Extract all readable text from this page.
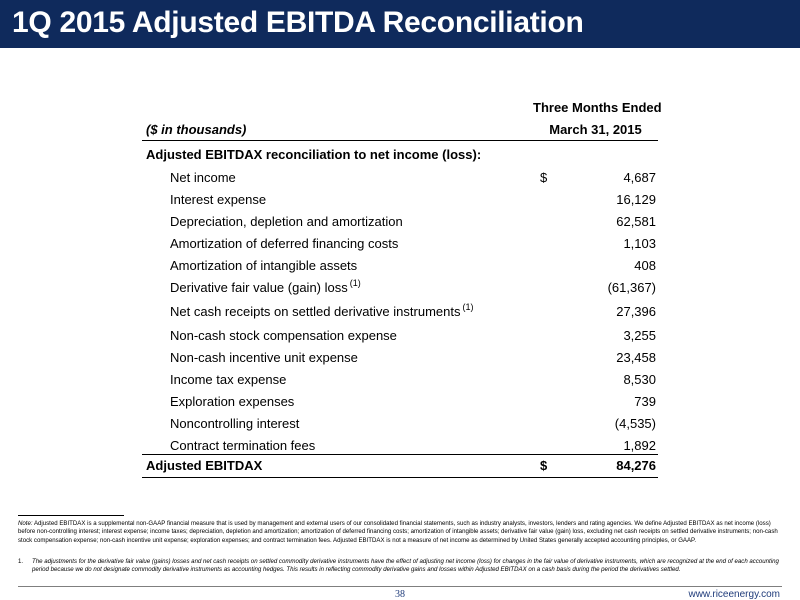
1Q 2015 Adjusted EBITDA Reconciliation
Three Months Ended
($ in thousands)	March 31, 2015
Adjusted EBITDAX reconciliation to net income (loss):
Net income	$	4,687
Interest expense	16,129
Depreciation, depletion and amortization	62,581
Amortization of deferred financing costs	1,103
Amortization of intangible assets	408
Derivative fair value (gain) loss $^{(1)}$	(61,367)
Net cash receipts on settled derivative instruments $^{(1)}$	27,396
Non-cash stock compensation expense	3,255
Non-cash incentive unit expense	23,458
Income tax expense	8,530
Exploration expenses	739
Noncontrolling interest	(4,535)
Contract termination fees	1,892
Adjusted EBITDAX	$	84,276
Note: Adjusted EBITDAX is a supplemental non-GAAP financial measure that is used by management and external users of our consolidated financial statements, such as industry analysts, investors, lenders and rating agencies. We define Adjusted EBITDAX as net income (loss) before non-controlling interest; interest expense; income taxes; depreciation, depletion and amortization; amortization of deferred financing costs; amortization of intangible assets; derivative fair value (gain) loss, excluding net cash receipts on settled derivative instruments; non-cash stock compensation expense; non-cash incentive unit expense; exploration expenses; and contract termination fees. Adjusted EBITDAX is not a measure of net income as determined by United States generally accepted accounting principles, or GAAP.
1.	The adjustments for the derivative fair value (gains) losses and net cash receipts on settled commodity derivative instruments have the effect of adjusting net income (loss) for changes in the fair value of derivative instruments, which are recognized at the end of each accounting period because we do not designate commodity derivative instruments as accounting hedges. This results in reflecting commodity derivative gains and losses within Adjusted EBITDAX on a cash basis during the period the derivatives settled.
38	www.riceenergy.com
